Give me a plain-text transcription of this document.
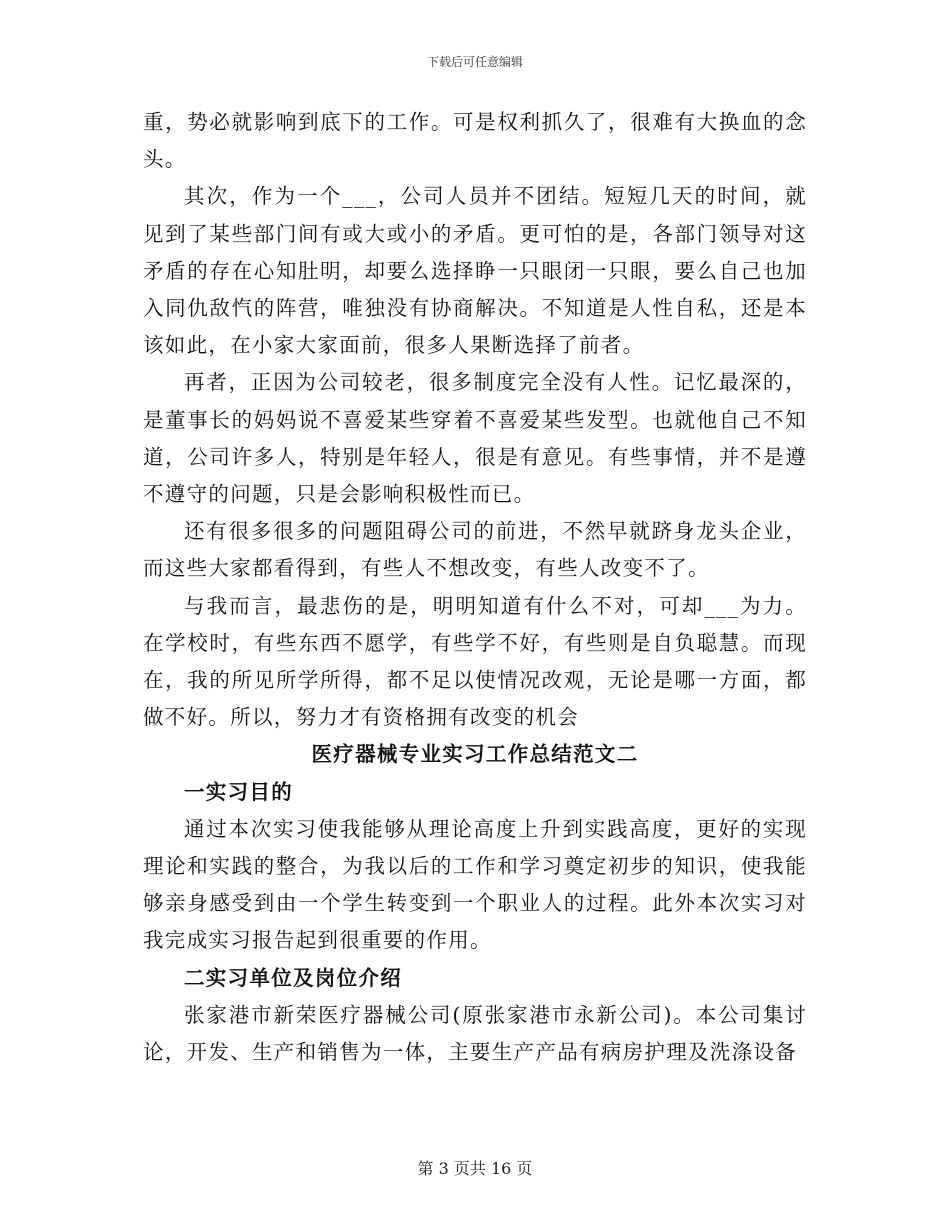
下载后可任意编辑

重，势必就影响到底下的工作。可是权利抓久了，很难有大换血的念头。

其次，作为一个___，公司人员并不团结。短短几天的时间，就见到了某些部门间有或大或小的矛盾。更可怕的是，各部门领导对这矛盾的存在心知肚明，却要么选择睁一只眼闭一只眼，要么自己也加入同仇敌忾的阵营，唯独没有协商解决。不知道是人性自私，还是本该如此，在小家大家面前，很多人果断选择了前者。

再者，正因为公司较老，很多制度完全没有人性。记忆最深的，是董事长的妈妈说不喜爱某些穿着不喜爱某些发型。也就他自己不知道，公司许多人，特别是年轻人，很是有意见。有些事情，并不是遵不遵守的问题，只是会影响积极性而已。

还有很多很多的问题阻碍公司的前进，不然早就跻身龙头企业，而这些大家都看得到，有些人不想改变，有些人改变不了。

与我而言，最悲伤的是，明明知道有什么不对，可却___为力。在学校时，有些东西不愿学，有些学不好，有些则是自负聪慧。而现在，我的所见所学所得，都不足以使情况改观，无论是哪一方面，都做不好。所以，努力才有资格拥有改变的机会

医疗器械专业实习工作总结范文二

一实习目的

通过本次实习使我能够从理论高度上升到实践高度，更好的实现理论和实践的整合，为我以后的工作和学习奠定初步的知识，使我能够亲身感受到由一个学生转变到一个职业人的过程。此外本次实习对我完成实习报告起到很重要的作用。

二实习单位及岗位介绍

张家港市新荣医疗器械公司(原张家港市永新公司)。本公司集讨论，开发、生产和销售为一体，主要生产产品有病房护理及洗涤设备

第 3 页共 16 页
